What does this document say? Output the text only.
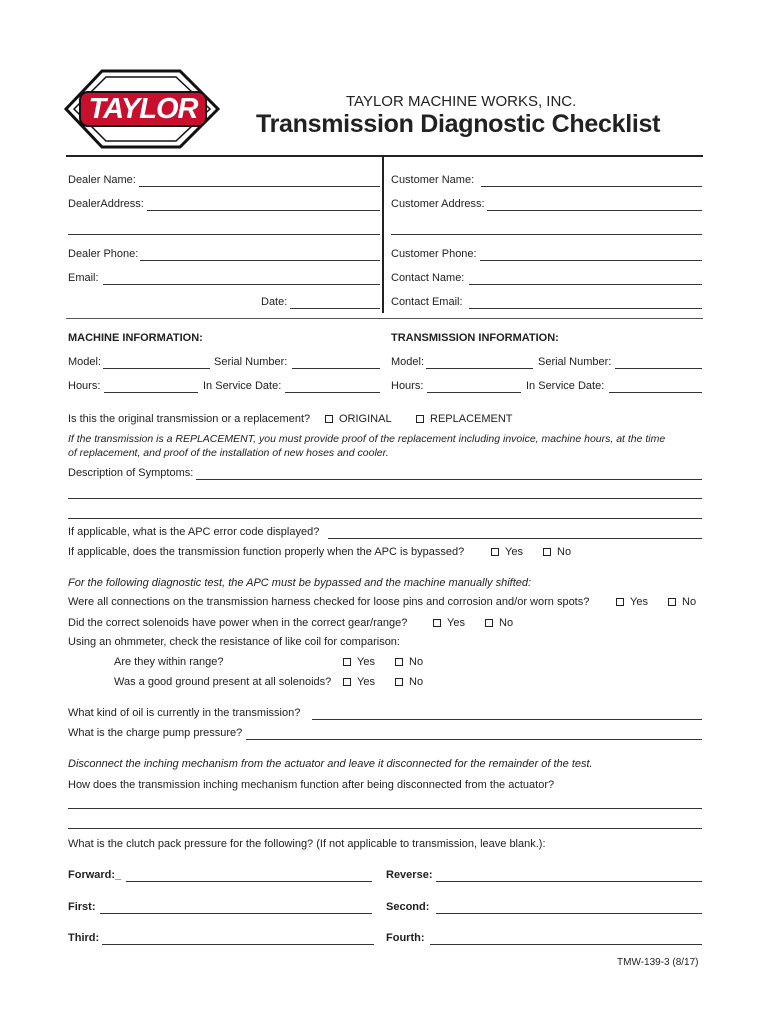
TAYLOR	TAYLOR MACHINE WORKS, INC.
Transmission Diagnostic Checklist
Dealer Name:
DealerAddress:
Dealer Phone:
Email:
Date:
Customer Name:
Customer Address:
Customer Phone:
Contact Name:
Contact Email:
MACHINE INFORMATION:
Model:	Serial Number:
Hours:	In Service Date:
TRANSMISSION INFORMATION:
Model:	Serial Number:
Hours:	In Service Date:
Is this the original transmission or a replacement?	ORIGINAL	REPLACEMENT
If the transmission is a REPLACEMENT, you must provide proof of the replacement including invoice, machine hours, at the time
of replacement, and proof of the installation of new hoses and cooler.
Description of Symptoms:
If applicable, what is the APC error code displayed?
If applicable, does the transmission function properly when the APC is bypassed?	Yes	No
For the following diagnostic test, the APC must be bypassed and the machine manually shifted:
Were all connections on the transmission harness checked for loose pins and corrosion and/or worn spots?	Yes	No
Did the correct solenoids have power when in the correct gear/range?	Yes	No
Using an ohmmeter, check the resistance of like coil for comparison:
Are they within range?	Yes	No
Was a good ground present at all solenoids?	Yes	No
What kind of oil is currently in the transmission?
What is the charge pump pressure?
Disconnect the inching mechanism from the actuator and leave it disconnected for the remainder of the test.
How does the transmission inching mechanism function after being disconnected from the actuator?
What is the clutch pack pressure for the following? (If not applicable to transmission, leave blank.):
Forward:_	Reverse:
First:	Second:
Third:	Fourth:
TMW-139-3 (8/17)
